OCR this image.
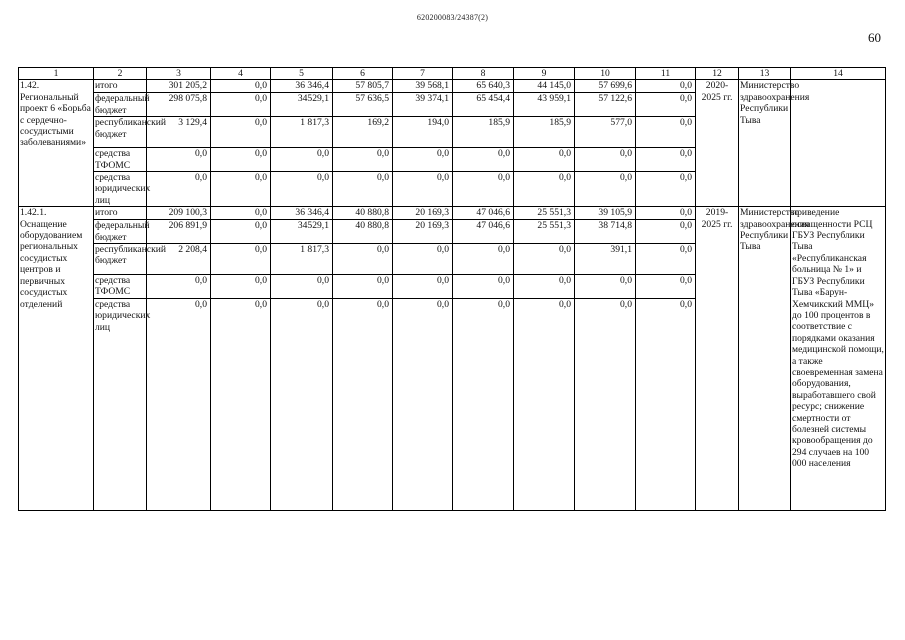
620200083/24387(2)
60
1	2	3	4	5	6	7	8	9	10	11	12	13	14
1.42. Региональный проект 6 «Борьба с сердечно-сосудистыми заболеваниями»	итого	301 205,2	0,0	36 346,4	57 805,7	39 568,1	65 640,3	44 145,0	57 699,6	0,0	2020-2025 гг.	Министерство здравоохранения Республики Тыва	
	федеральный бюджет	298 075,8	0,0	34529,1	57 636,5	39 374,1	65 454,4	43 959,1	57 122,6	0,0			
	республиканский бюджет	3 129,4	0,0	1 817,3	169,2	194,0	185,9	185,9	577,0	0,0			
	средства ТФОМС	0,0	0,0	0,0	0,0	0,0	0,0	0,0	0,0	0,0			
	средства юридических лиц	0,0	0,0	0,0	0,0	0,0	0,0	0,0	0,0	0,0			
1.42.1. Оснащение оборудованием региональных сосудистых центров и первичных сосудистых отделений	итого	209 100,3	0,0	36 346,4	40 880,8	20 169,3	47 046,6	25 551,3	39 105,9	0,0	2019-2025 гг.	Министерство здравоохранения Республики Тыва	приведение оснащенности РСЦ ГБУЗ Республики Тыва «Республиканская больница № 1» и ГБУЗ Республики Тыва «Барун-Хемчикский ММЦ» до 100 процентов в соответствие с порядками оказания медицинской помощи, а также своевременная замена оборудования, выработавшего свой ресурс; снижение смертности от болезней системы кровообращения до 294 случаев на 100 000 населения
	федеральный бюджет	206 891,9	0,0	34529,1	40 880,8	20 169,3	47 046,6	25 551,3	38 714,8	0,0			
	республиканский бюджет	2 208,4	0,0	1 817,3	0,0	0,0	0,0	0,0	391,1	0,0			
	средства ТФОМС	0,0	0,0	0,0	0,0	0,0	0,0	0,0	0,0	0,0			
	средства юридических лиц	0,0	0,0	0,0	0,0	0,0	0,0	0,0	0,0	0,0			
